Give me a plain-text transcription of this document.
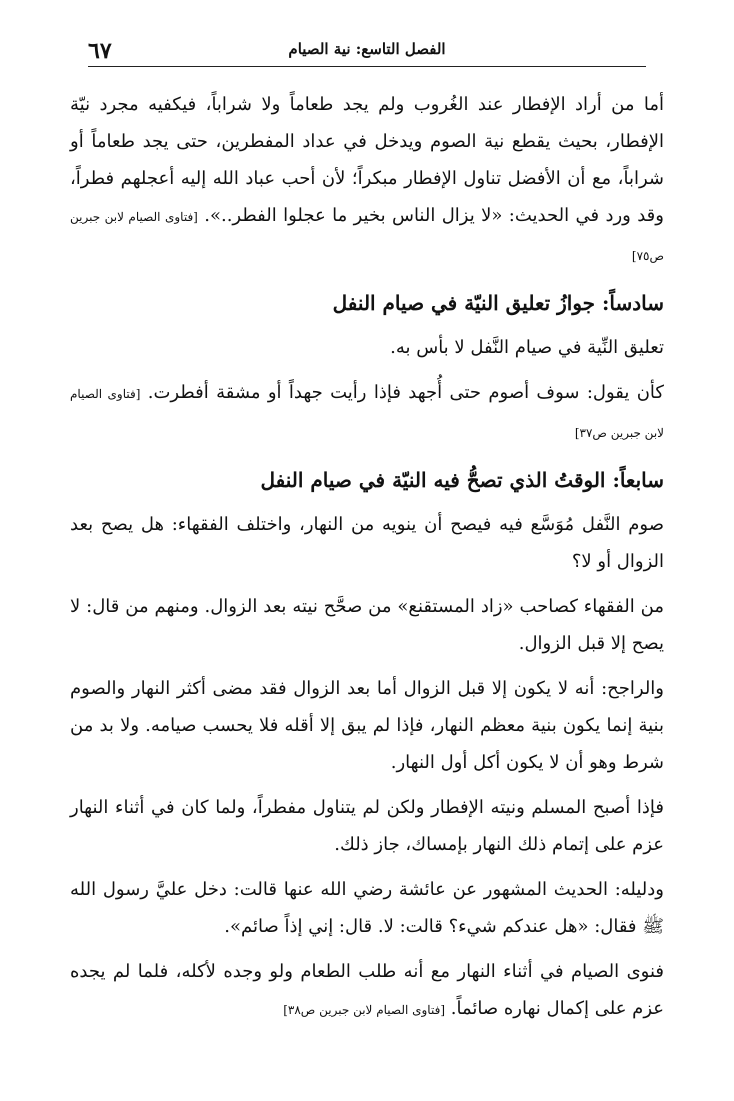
الفصل التاسع: نية الصيام
٦٧

أما من أراد الإفطار عند الغُروب ولم يجد طعاماً ولا شراباً، فيكفيه مجرد نيّة الإفطار، بحيث يقطع نية الصوم ويدخل في عداد المفطرين، حتى يجد طعاماً أو شراباً، مع أن الأفضل تناول الإفطار مبكراً؛ لأن أحب عباد الله إليه أعجلهم فطراً، وقد ورد في الحديث: «لا يزال الناس بخير ما عجلوا الفطر..». [فتاوى الصيام لابن جبرين ص٧٥]

سادساً: جوازُ تعليق النيّة في صيام النفل

تعليق النِّية في صيام النَّفل لا بأس به.

كأن يقول: سوف أصوم حتى أُجهد فإذا رأيت جهداً أو مشقة أفطرت. [فتاوى الصيام لابن جبرين ص٣٧]

سابعاً: الوقتُ الذي تصحُّ فيه النيّة في صيام النفل

صوم النَّفل مُوَسَّع فيه فيصح أن ينويه من النهار، واختلف الفقهاء: هل يصح بعد الزوال أو لا؟

من الفقهاء كصاحب «زاد المستقنع» من صحَّح نيته بعد الزوال. ومنهم من قال: لا يصح إلا قبل الزوال.

والراجح: أنه لا يكون إلا قبل الزوال أما بعد الزوال فقد مضى أكثر النهار والصوم بنية إنما يكون بنية معظم النهار، فإذا لم يبق إلا أقله فلا يحسب صيامه. ولا بد من شرط وهو أن لا يكون أكل أول النهار.

فإذا أصبح المسلم ونيته الإفطار ولكن لم يتناول مفطراً، ولما كان في أثناء النهار عزم على إتمام ذلك النهار بإمساك، جاز ذلك.

ودليله: الحديث المشهور عن عائشة رضي الله عنها قالت: دخل عليَّ رسول الله ﷺ فقال: «هل عندكم شيء؟ قالت: لا. قال: إني إذاً صائم».

فنوى الصيام في أثناء النهار مع أنه طلب الطعام ولو وجده لأكله، فلما لم يجده عزم على إكمال نهاره صائماً. [فتاوى الصيام لابن جبرين ص٣٨]
